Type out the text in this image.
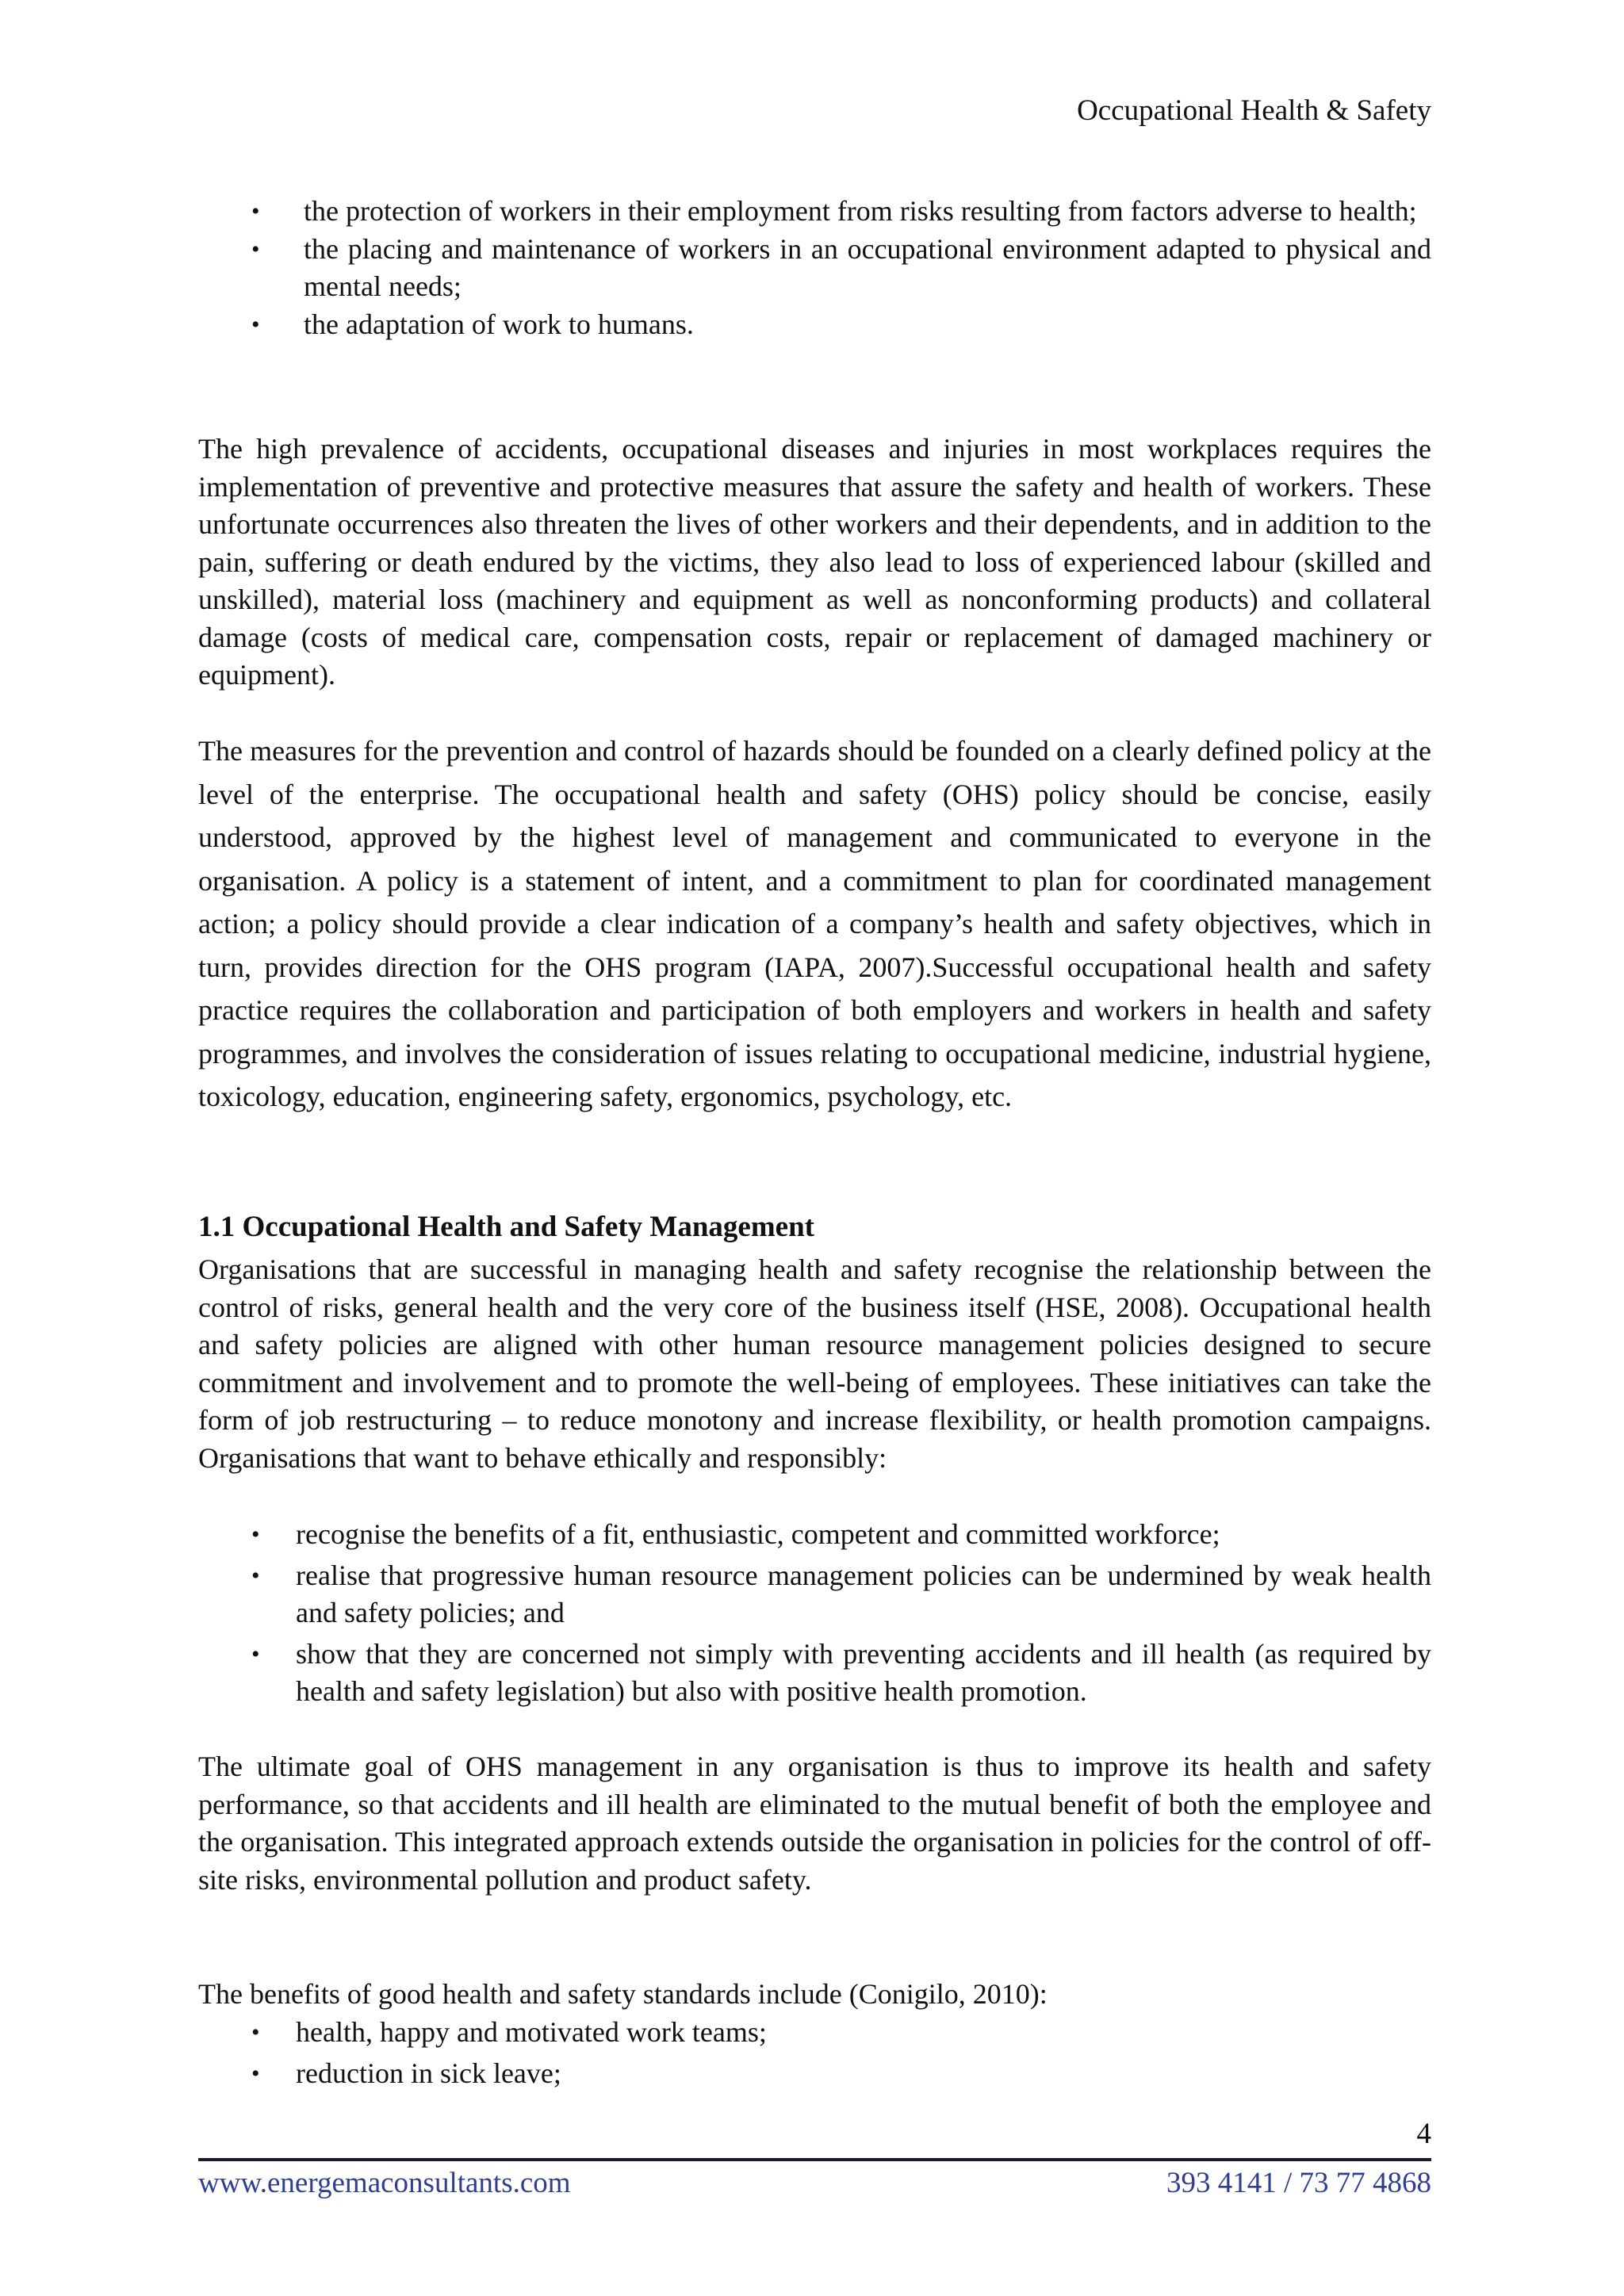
Occupational Health & Safety
• the protection of workers in their employment from risks resulting from factors adverse to health;
• the placing and maintenance of workers in an occupational environment adapted to physical and mental needs;
• the adaptation of work to humans.

The high prevalence of accidents, occupational diseases and injuries in most workplaces requires the implementation of preventive and protective measures that assure the safety and health of workers. These unfortunate occurrences also threaten the lives of other workers and their dependents, and in addition to the pain, suffering or death endured by the victims, they also lead to loss of experienced labour (skilled and unskilled), material loss (machinery and equipment as well as nonconforming products) and collateral damage (costs of medical care, compensation costs, repair or replacement of damaged machinery or equipment).

The measures for the prevention and control of hazards should be founded on a clearly defined policy at the level of the enterprise. The occupational health and safety (OHS) policy should be concise, easily understood, approved by the highest level of management and communicated to everyone in the organisation. A policy is a statement of intent, and a commitment to plan for coordinated management action; a policy should provide a clear indication of a company’s health and safety objectives, which in turn, provides direction for the OHS program (IAPA, 2007).Successful occupational health and safety practice requires the collaboration and participation of both employers and workers in health and safety programmes, and involves the consideration of issues relating to occupational medicine, industrial hygiene, toxicology, education, engineering safety, ergonomics, psychology, etc.

1.1 Occupational Health and Safety Management

Organisations that are successful in managing health and safety recognise the relationship between the control of risks, general health and the very core of the business itself (HSE, 2008). Occupational health and safety policies are aligned with other human resource management policies designed to secure commitment and involvement and to promote the well-being of employees. These initiatives can take the form of job restructuring – to reduce monotony and increase flexibility, or health promotion campaigns. Organisations that want to behave ethically and responsibly:

• recognise the benefits of a fit, enthusiastic, competent and committed workforce;
• realise that progressive human resource management policies can be undermined by weak health and safety policies; and
• show that they are concerned not simply with preventing accidents and ill health (as required by health and safety legislation) but also with positive health promotion.

The ultimate goal of OHS management in any organisation is thus to improve its health and safety performance, so that accidents and ill health are eliminated to the mutual benefit of both the employee and the organisation. This integrated approach extends outside the organisation in policies for the control of off-site risks, environmental pollution and product safety.

The benefits of good health and safety standards include (Conigilo, 2010):

• health, happy and motivated work teams;
• reduction in sick leave;
4
www.energemaconsultants.com	393 4141 / 73 77 4868
